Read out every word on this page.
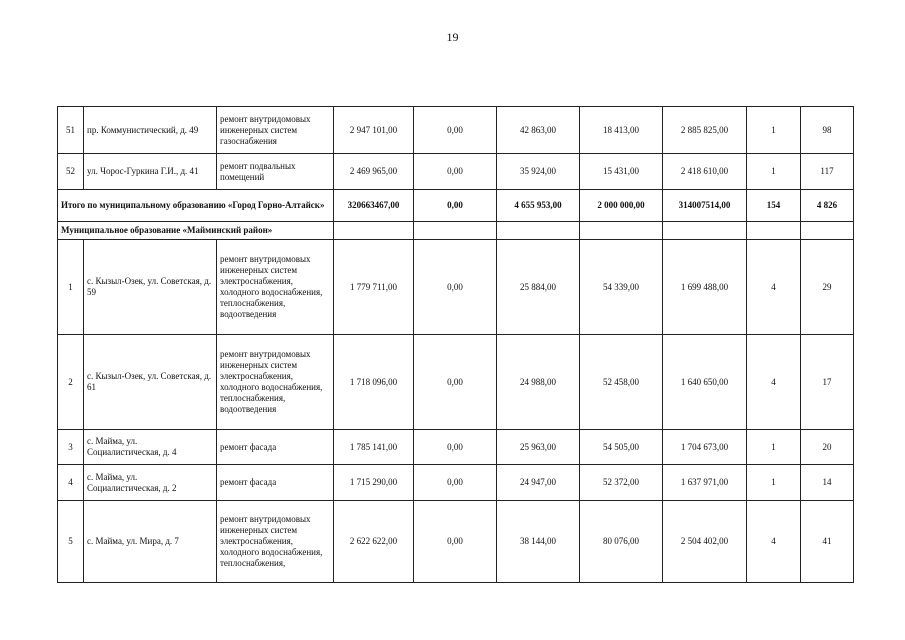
19
51	пр. Коммунистический, д. 49	ремонт внутридомовых инженерных систем газоснабжения	2 947 101,00	0,00	42 863,00	18 413,00	2 885 825,00	1	98
52	ул. Чорос-Гуркина Г.И., д. 41	ремонт подвальных помещений	2 469 965,00	0,00	35 924,00	15 431,00	2 418 610,00	1	117
Итого по муниципальному образованию «Город Горно-Алтайск»			320663467,00	0,00	4 655 953,00	2 000 000,00	314007514,00	154	4 826
Муниципальное образование «Майминский район»									
1	с. Кызыл-Озек, ул. Советская, д. 59	ремонт внутридомовых инженерных систем электроснабжения, холодного водоснабжения, теплоснабжения, водоотведения	1 779 711,00	0,00	25 884,00	54 339,00	1 699 488,00	4	29
2	с. Кызыл-Озек, ул. Советская, д. 61	ремонт внутридомовых инженерных систем электроснабжения, холодного водоснабжения, теплоснабжения, водоотведения	1 718 096,00	0,00	24 988,00	52 458,00	1 640 650,00	4	17
3	с. Майма, ул. Социалистическая, д. 4	ремонт фасада	1 785 141,00	0,00	25 963,00	54 505,00	1 704 673,00	1	20
4	с. Майма, ул. Социалистическая, д. 2	ремонт фасада	1 715 290,00	0,00	24 947,00	52 372,00	1 637 971,00	1	14
5	с. Майма, ул. Мира, д. 7	ремонт внутридомовых инженерных систем электроснабжения, холодного водоснабжения, теплоснабжения,	2 622 622,00	0,00	38 144,00	80 076,00	2 504 402,00	4	41
